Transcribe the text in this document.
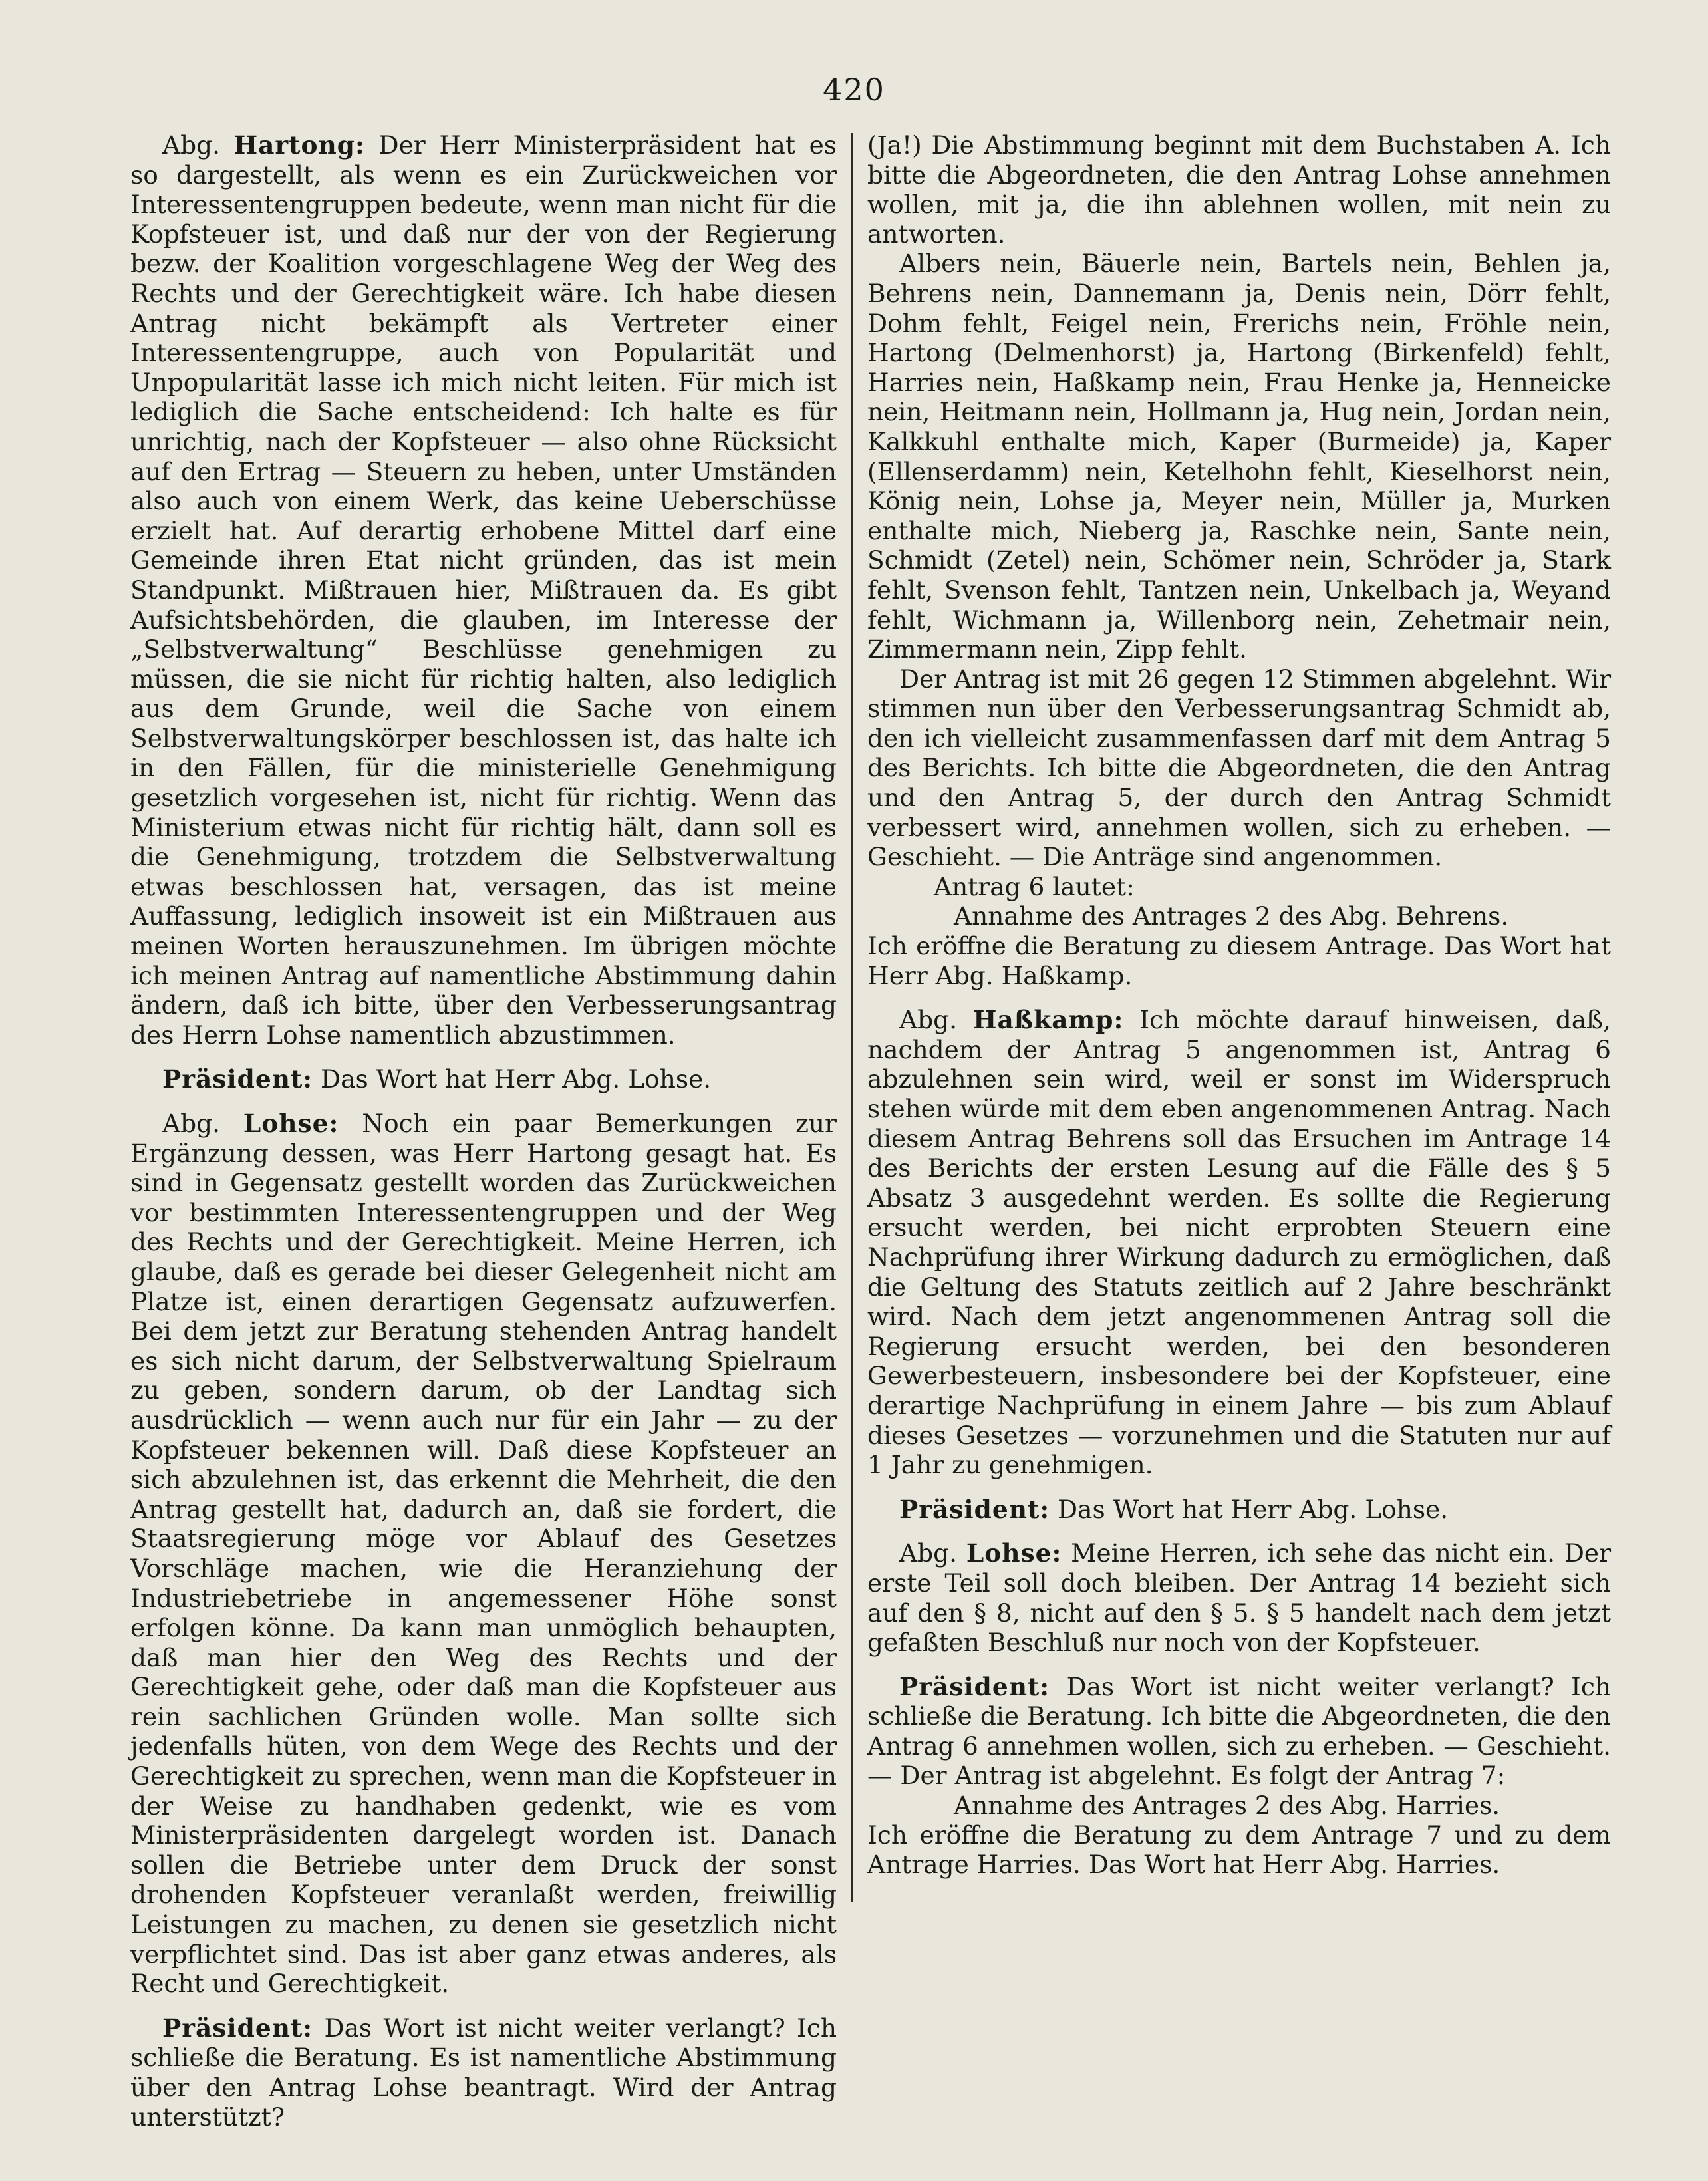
420

Abg. Hartong: Der Herr Ministerpräsident hat es so dargestellt, als wenn es ein Zurückweichen vor Interessentengruppen bedeute, wenn man nicht für die Kopfsteuer ist, und daß nur der von der Regierung bezw. der Koalition vorgeschlagene Weg der Weg des Rechts und der Gerechtigkeit wäre. Ich habe diesen Antrag nicht bekämpft als Vertreter einer Interessentengruppe, auch von Popularität und Unpopularität lasse ich mich nicht leiten. Für mich ist lediglich die Sache entscheidend: Ich halte es für unrichtig, nach der Kopfsteuer — also ohne Rücksicht auf den Ertrag — Steuern zu heben, unter Umständen also auch von einem Werk, das keine Ueberschüsse erzielt hat. Auf derartig erhobene Mittel darf eine Gemeinde ihren Etat nicht gründen, das ist mein Standpunkt. Mißtrauen hier, Mißtrauen da. Es gibt Aufsichtsbehörden, die glauben, im Interesse der „Selbstverwaltung“ Beschlüsse genehmigen zu müssen, die sie nicht für richtig halten, also lediglich aus dem Grunde, weil die Sache von einem Selbstverwaltungskörper beschlossen ist, das halte ich in den Fällen, für die ministerielle Genehmigung gesetzlich vorgesehen ist, nicht für richtig. Wenn das Ministerium etwas nicht für richtig hält, dann soll es die Genehmigung, trotzdem die Selbstverwaltung etwas beschlossen hat, versagen, das ist meine Auffassung, lediglich insoweit ist ein Mißtrauen aus meinen Worten herauszunehmen. Im übrigen möchte ich meinen Antrag auf namentliche Abstimmung dahin ändern, daß ich bitte, über den Verbesserungsantrag des Herrn Lohse namentlich abzustimmen.

Präsident: Das Wort hat Herr Abg. Lohse.

Abg. Lohse: Noch ein paar Bemerkungen zur Ergänzung dessen, was Herr Hartong gesagt hat. Es sind in Gegensatz gestellt worden das Zurückweichen vor bestimmten Interessentengruppen und der Weg des Rechts und der Gerechtigkeit. Meine Herren, ich glaube, daß es gerade bei dieser Gelegenheit nicht am Platze ist, einen derartigen Gegensatz aufzuwerfen. Bei dem jetzt zur Beratung stehenden Antrag handelt es sich nicht darum, der Selbstverwaltung Spielraum zu geben, sondern darum, ob der Landtag sich ausdrücklich — wenn auch nur für ein Jahr — zu der Kopfsteuer bekennen will. Daß diese Kopfsteuer an sich abzulehnen ist, das erkennt die Mehrheit, die den Antrag gestellt hat, dadurch an, daß sie fordert, die Staatsregierung möge vor Ablauf des Gesetzes Vorschläge machen, wie die Heranziehung der Industriebetriebe in angemessener Höhe sonst erfolgen könne. Da kann man unmöglich behaupten, daß man hier den Weg des Rechts und der Gerechtigkeit gehe, oder daß man die Kopfsteuer aus rein sachlichen Gründen wolle. Man sollte sich jedenfalls hüten, von dem Wege des Rechts und der Gerechtigkeit zu sprechen, wenn man die Kopfsteuer in der Weise zu handhaben gedenkt, wie es vom Ministerpräsidenten dargelegt worden ist. Danach sollen die Betriebe unter dem Druck der sonst drohenden Kopfsteuer veranlaßt werden, freiwillig Leistungen zu machen, zu denen sie gesetzlich nicht verpflichtet sind. Das ist aber ganz etwas anderes, als Recht und Gerechtigkeit.

Präsident: Das Wort ist nicht weiter verlangt? Ich schließe die Beratung. Es ist namentliche Abstimmung über den Antrag Lohse beantragt. Wird der Antrag unterstützt?

(Ja!) Die Abstimmung beginnt mit dem Buchstaben A. Ich bitte die Abgeordneten, die den Antrag Lohse annehmen wollen, mit ja, die ihn ablehnen wollen, mit nein zu antworten.

Albers nein, Bäuerle nein, Bartels nein, Behlen ja, Behrens nein, Dannemann ja, Denis nein, Dörr fehlt, Dohm fehlt, Feigel nein, Frerichs nein, Fröhle nein, Hartong (Delmenhorst) ja, Hartong (Birkenfeld) fehlt, Harries nein, Haßkamp nein, Frau Henke ja, Henneicke nein, Heitmann nein, Hollmann ja, Hug nein, Jordan nein, Kalkkuhl enthalte mich, Kaper (Burmeide) ja, Kaper (Ellenserdamm) nein, Ketelhohn fehlt, Kieselhorst nein, König nein, Lohse ja, Meyer nein, Müller ja, Murken enthalte mich, Nieberg ja, Raschke nein, Sante nein, Schmidt (Zetel) nein, Schömer nein, Schröder ja, Stark fehlt, Svenson fehlt, Tantzen nein, Unkelbach ja, Weyand fehlt, Wichmann ja, Willenborg nein, Zehetmair nein, Zimmermann nein, Zipp fehlt.

Der Antrag ist mit 26 gegen 12 Stimmen abgelehnt. Wir stimmen nun über den Verbesserungsantrag Schmidt ab, den ich vielleicht zusammenfassen darf mit dem Antrag 5 des Berichts. Ich bitte die Abgeordneten, die den Antrag und den Antrag 5, der durch den Antrag Schmidt verbessert wird, annehmen wollen, sich zu erheben. — Geschieht. — Die Anträge sind angenommen.

Antrag 6 lautet:

Annahme des Antrages 2 des Abg. Behrens.

Ich eröffne die Beratung zu diesem Antrage. Das Wort hat Herr Abg. Haßkamp.

Abg. Haßkamp: Ich möchte darauf hinweisen, daß, nachdem der Antrag 5 angenommen ist, Antrag 6 abzulehnen sein wird, weil er sonst im Widerspruch stehen würde mit dem eben angenommenen Antrag. Nach diesem Antrag Behrens soll das Ersuchen im Antrage 14 des Berichts der ersten Lesung auf die Fälle des § 5 Absatz 3 ausgedehnt werden. Es sollte die Regierung ersucht werden, bei nicht erprobten Steuern eine Nachprüfung ihrer Wirkung dadurch zu ermöglichen, daß die Geltung des Statuts zeitlich auf 2 Jahre beschränkt wird. Nach dem jetzt angenommenen Antrag soll die Regierung ersucht werden, bei den besonderen Gewerbesteuern, insbesondere bei der Kopfsteuer, eine derartige Nachprüfung in einem Jahre — bis zum Ablauf dieses Gesetzes — vorzunehmen und die Statuten nur auf 1 Jahr zu genehmigen.

Präsident: Das Wort hat Herr Abg. Lohse.

Abg. Lohse: Meine Herren, ich sehe das nicht ein. Der erste Teil soll doch bleiben. Der Antrag 14 bezieht sich auf den § 8, nicht auf den § 5. § 5 handelt nach dem jetzt gefaßten Beschluß nur noch von der Kopfsteuer.

Präsident: Das Wort ist nicht weiter verlangt? Ich schließe die Beratung. Ich bitte die Abgeordneten, die den Antrag 6 annehmen wollen, sich zu erheben. — Geschieht. — Der Antrag ist abgelehnt. Es folgt der Antrag 7:

Annahme des Antrages 2 des Abg. Harries.

Ich eröffne die Beratung zu dem Antrage 7 und zu dem Antrage Harries. Das Wort hat Herr Abg. Harries.
